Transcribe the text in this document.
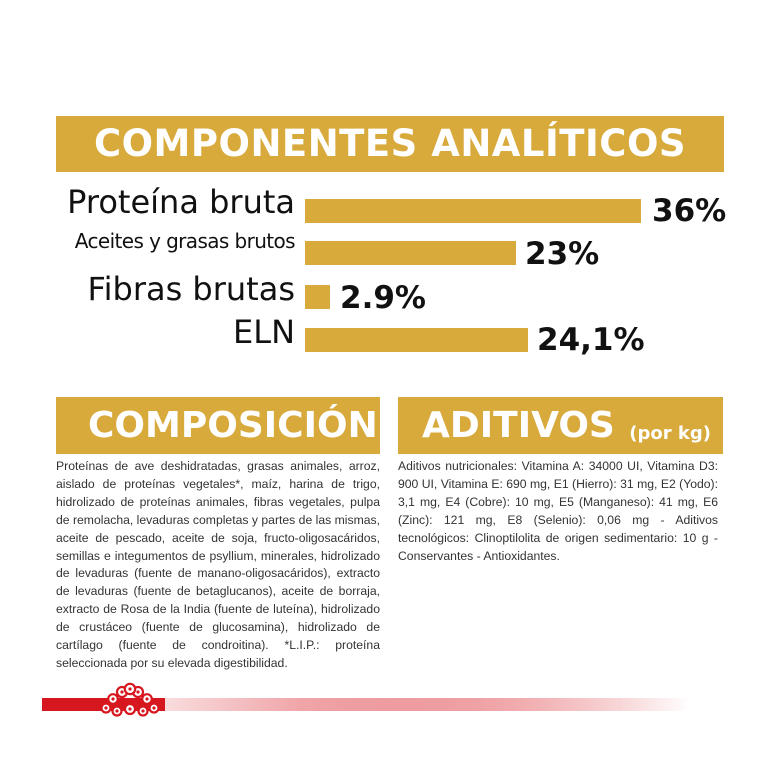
COMPONENTES ANALÍTICOS
Proteína bruta	36%
Aceites y grasas brutos	23%
Fibras brutas 2.9%
ELN	24,1%
COMPOSICIÓN ADITIVOS (por kg)
Proteínas de ave deshidratadas, grasas animales, arroz, aislado de proteínas vegetales*, maíz, harina de trigo, hidrolizado de proteínas animales, fibras vegetales, pulpa de remolacha, levaduras completas y partes de las mismas, aceite de pescado, aceite de soja, fructo-oligosacáridos, semillas e integumentos de psyllium, minerales, hidrolizado de levaduras (fuente de manano-oligosacáridos), extracto de levaduras (fuente de betaglucanos), aceite de borraja, extracto de Rosa de la India (fuente de luteína), hidrolizado de crustáceo (fuente de glucosamina), hidrolizado de cartílago (fuente de condroitina). *L.I.P.: proteína seleccionada por su elevada digestibilidad.
Aditivos nutricionales: Vitamina A: 34000 UI, Vitamina D3: 900 UI, Vitamina E: 690 mg, E1 (Hierro): 31 mg, E2 (Yodo): 3,1 mg, E4 (Cobre): 10 mg, E5 (Manganeso): 41 mg, E6 (Zinc): 121 mg, E8 (Selenio): 0,06 mg - Aditivos tecnológicos: Clinoptilolita de origen sedimentario: 10 g - Conservantes - Antioxidantes.
